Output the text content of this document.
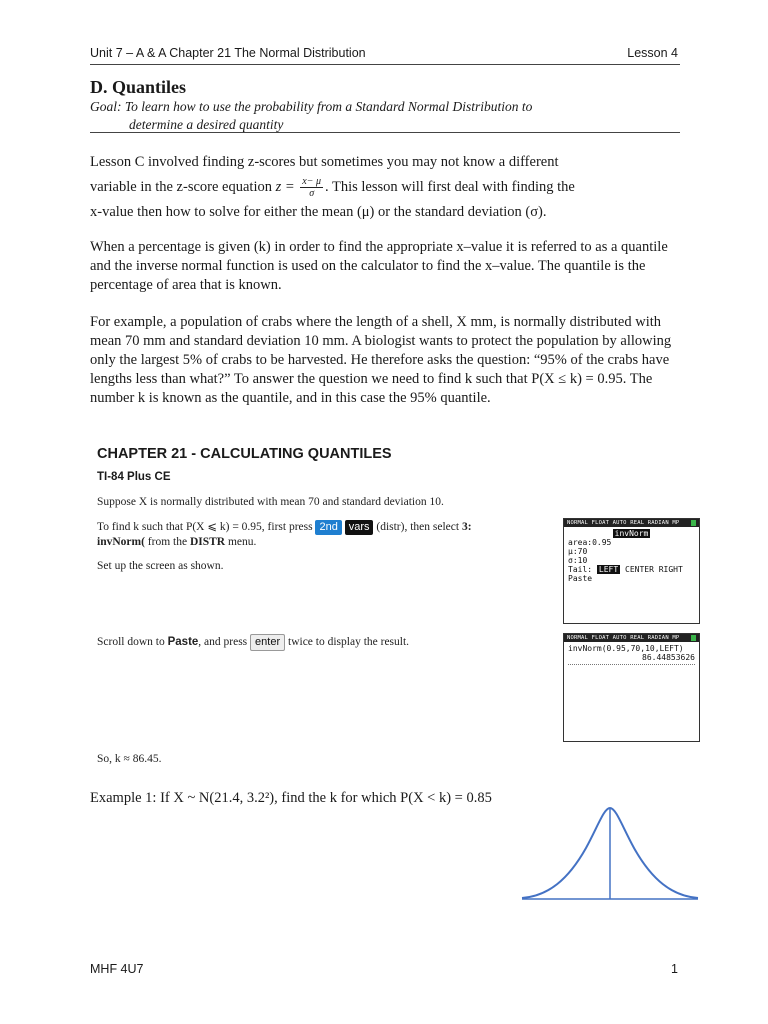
Unit 7 – A & A Chapter 21 The Normal Distribution	Lesson 4
D. Quantiles
Goal: To learn how to use the probability from a Standard Normal Distribution to
determine a desired quantity
Lesson C involved finding z-scores but sometimes you may not know a different
variable in the z-score equation $z = \frac{x- \mu}{\sigma}$ . This lesson will first deal with finding the
x-value then how to solve for either the mean (μ) or the standard deviation (σ).
When a percentage is given (k) in order to find the appropriate x–value it is referred to as a quantile and the inverse normal function is used on the calculator to find the x–value. The quantile is the percentage of area that is known.
For example, a population of crabs where the length of a shell, X mm, is normally distributed with mean 70 mm and standard deviation 10 mm. A biologist wants to protect the population by allowing only the largest 5% of crabs to be harvested. He therefore asks the question: “95% of the crabs have lengths less than what?” To answer the question we need to find k such that P(X ≤ k) = 0.95. The number k is known as the quantile, and in this case the 95% quantile.
CHAPTER 21 - CALCULATING QUANTILES
TI-84 Plus CE
Suppose X is normally distributed with mean 70 and standard deviation 10.
To find k such that P(X ⩽ k) = 0.95, first press 2nd vars (distr), then select 3:
invNorm( from the DISTR menu.
Set up the screen as shown.
Scroll down to Paste, and press enter twice to display the result.
So, k ≈ 86.45.
NORMAL FLOAT AUTO REAL RADIAN MP
invNorm
area:0.95
μ:70
σ:10
Tail: LEFT CENTER RIGHT
Paste
NORMAL FLOAT AUTO REAL RADIAN MP
invNorm(0.95,70,10,LEFT)
86.44853626
Example 1: If X ~ N(21.4, 3.2²), find the k for which P(X < k) = 0.85
MHF 4U7	1
